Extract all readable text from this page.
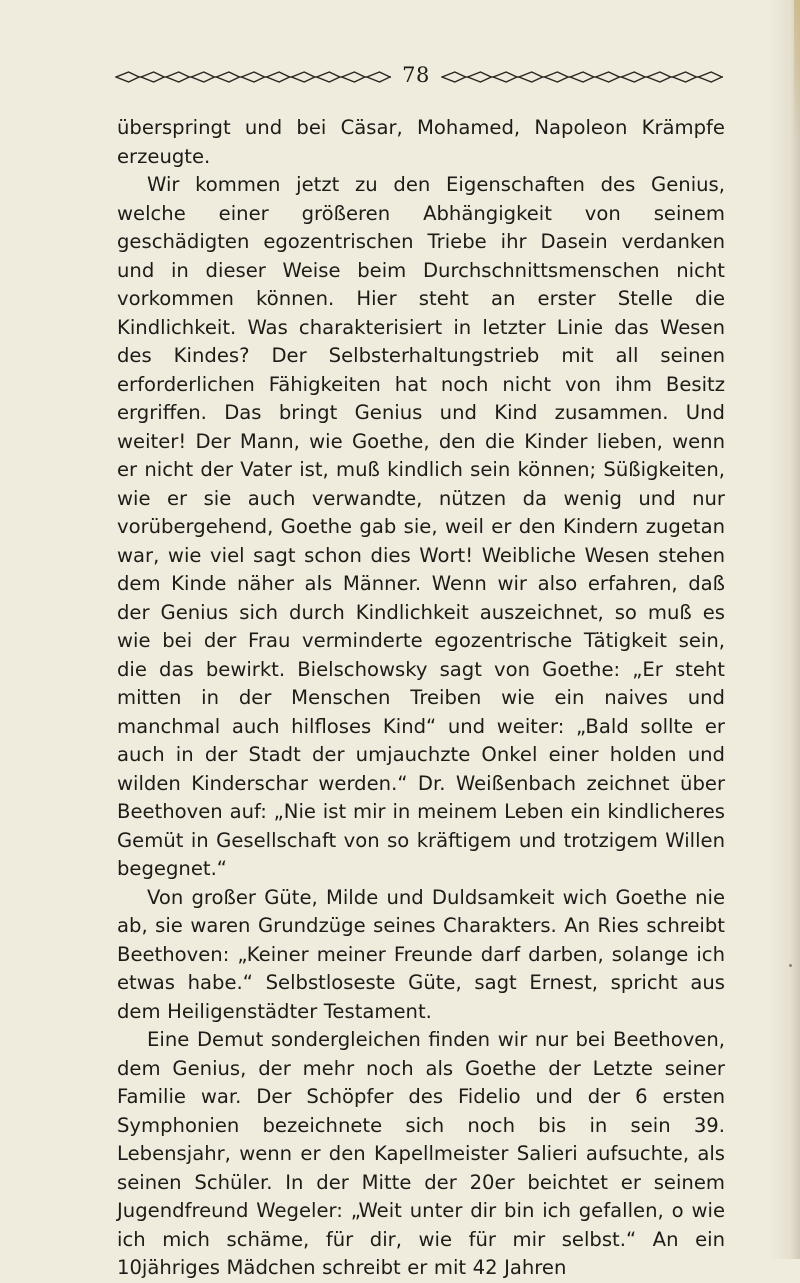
78

überspringt und bei Cäsar, Mohamed, Napoleon Krämpfe erzeugte.

Wir kommen jetzt zu den Eigenschaften des Genius, welche einer größeren Abhängigkeit von seinem geschädigten egozentrischen Triebe ihr Dasein verdanken und in dieser Weise beim Durchschnittsmenschen nicht vorkommen können. Hier steht an erster Stelle die Kindlichkeit. Was charakterisiert in letzter Linie das Wesen des Kindes? Der Selbsterhaltungstrieb mit all seinen erforderlichen Fähigkeiten hat noch nicht von ihm Besitz ergriffen. Das bringt Genius und Kind zusammen. Und weiter! Der Mann, wie Goethe, den die Kinder lieben, wenn er nicht der Vater ist, muß kindlich sein können; Süßigkeiten, wie er sie auch verwandte, nützen da wenig und nur vorübergehend, Goethe gab sie, weil er den Kindern zugetan war, wie viel sagt schon dies Wort! Weibliche Wesen stehen dem Kinde näher als Männer. Wenn wir also erfahren, daß der Genius sich durch Kindlichkeit auszeichnet, so muß es wie bei der Frau verminderte egozentrische Tätigkeit sein, die das bewirkt. Bielschowsky sagt von Goethe: „Er steht mitten in der Menschen Treiben wie ein naives und manchmal auch hilfloses Kind“ und weiter: „Bald sollte er auch in der Stadt der umjauchzte Onkel einer holden und wilden Kinderschar werden.“ Dr. Weißenbach zeichnet über Beethoven auf: „Nie ist mir in meinem Leben ein kindlicheres Gemüt in Gesellschaft von so kräftigem und trotzigem Willen begegnet.“

Von großer Güte, Milde und Duldsamkeit wich Goethe nie ab, sie waren Grundzüge seines Charakters. An Ries schreibt Beethoven: „Keiner meiner Freunde darf darben, solange ich etwas habe.“ Selbstloseste Güte, sagt Ernest, spricht aus dem Heiligenstädter Testament.

Eine Demut sondergleichen finden wir nur bei Beethoven, dem Genius, der mehr noch als Goethe der Letzte seiner Familie war. Der Schöpfer des Fidelio und der 6 ersten Symphonien bezeichnete sich noch bis in sein 39. Lebensjahr, wenn er den Kapellmeister Salieri aufsuchte, als seinen Schüler. In der Mitte der 20er beichtet er seinem Jugendfreund Wegeler: „Weit unter dir bin ich gefallen, o wie ich mich schäme, für dir, wie für mir selbst.“ An ein 10jähriges Mädchen schreibt er mit 42 Jahren
